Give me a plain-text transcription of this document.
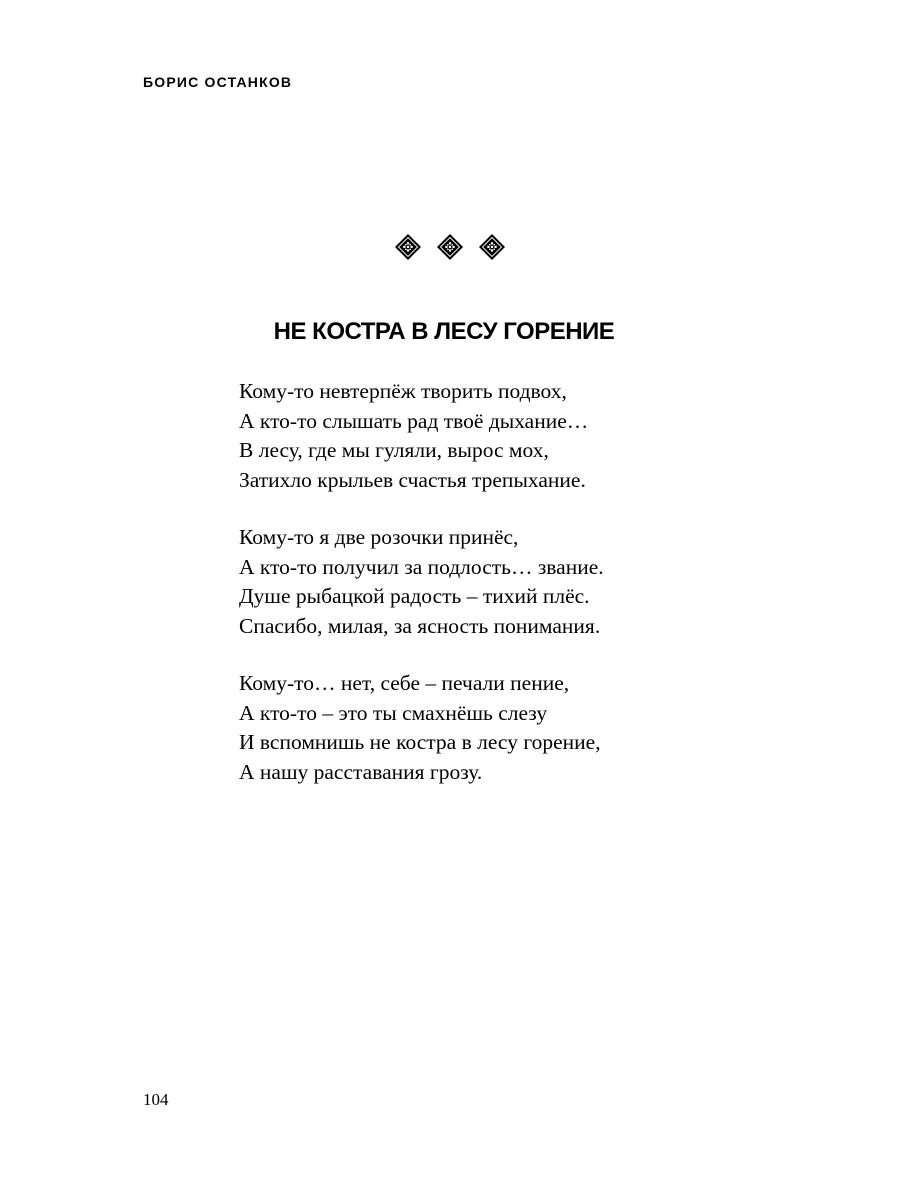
БОРИС ОСТАНКОВ
НЕ КОСТРА В ЛЕСУ ГОРЕНИЕ
Кому-то невтерпёж творить подвох,
А кто-то слышать рад твоё дыхание…
В лесу, где мы гуляли, вырос мох,
Затихло крыльев счастья трепыхание.
Кому-то я две розочки принёс,
А кто-то получил за подлость… звание.
Душе рыбацкой радость – тихий плёс.
Спасибо, милая, за ясность понимания.
Кому-то… нет, себе – печали пение,
А кто-то – это ты смахнёшь слезу
И вспомнишь не костра в лесу горение,
А нашу расставания грозу.
104
